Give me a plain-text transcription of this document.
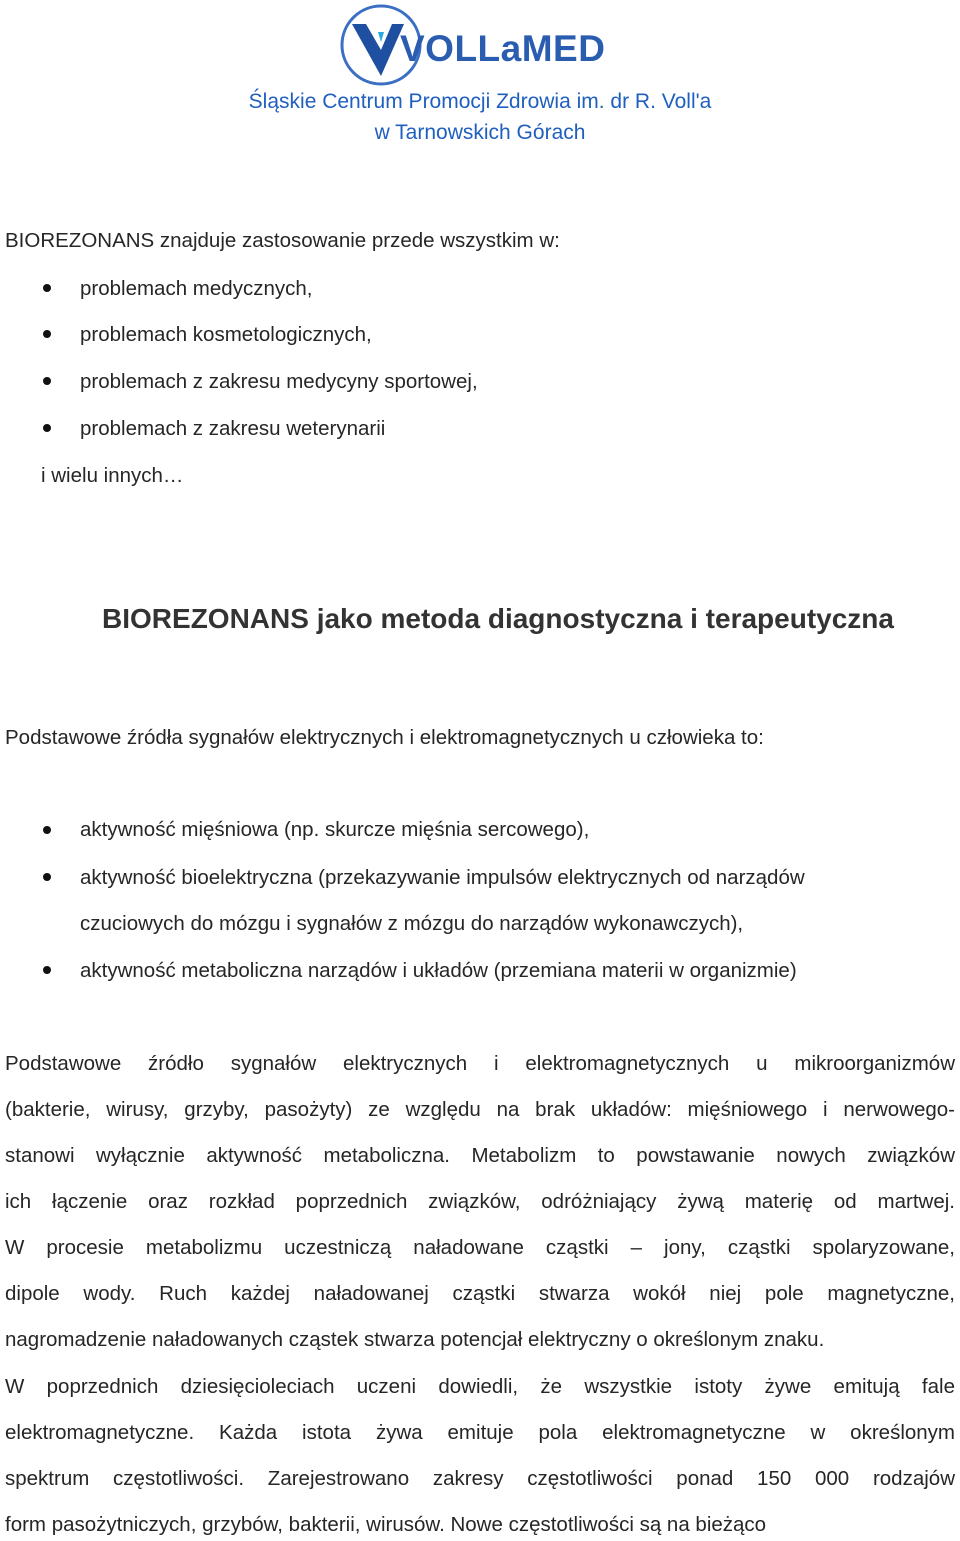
VOLLaMED
Śląskie Centrum Promocji Zdrowia im. dr R. Voll'a
w Tarnowskich Górach
BIOREZONANS znajduje zastosowanie przede wszystkim w:
problemach medycznych,
problemach kosmetologicznych,
problemach z zakresu medycyny sportowej,
problemach z zakresu weterynarii
i wielu innych…
BIOREZONANS jako metoda diagnostyczna i terapeutyczna
Podstawowe źródła sygnałów elektrycznych i elektromagnetycznych u człowieka to:
aktywność mięśniowa (np. skurcze mięśnia sercowego),
aktywność bioelektryczna (przekazywanie impulsów elektrycznych od narządów
czuciowych do mózgu i sygnałów z mózgu do narządów wykonawczych),
aktywność metaboliczna narządów i układów (przemiana materii w organizmie)
Podstawowe źródło sygnałów elektrycznych i elektromagnetycznych u mikroorganizmów
(bakterie, wirusy, grzyby, pasożyty) ze względu na brak układów: mięśniowego i nerwowego-
stanowi wyłącznie aktywność metaboliczna. Metabolizm to powstawanie nowych związków
ich łączenie oraz rozkład poprzednich związków, odróżniający żywą materię od martwej.
W procesie metabolizmu uczestniczą naładowane cząstki – jony, cząstki spolaryzowane,
dipole wody. Ruch każdej naładowanej cząstki stwarza wokół niej pole magnetyczne,
nagromadzenie naładowanych cząstek stwarza potencjał elektryczny o określonym znaku.
W poprzednich dziesięcioleciach uczeni dowiedli, że wszystkie istoty żywe emitują fale
elektromagnetyczne. Każda istota żywa emituje pola elektromagnetyczne w określonym
spektrum częstotliwości. Zarejestrowano zakresy częstotliwości ponad 150 000 rodzajów
form pasożytniczych, grzybów, bakterii, wirusów. Nowe częstotliwości są na bieżąco
